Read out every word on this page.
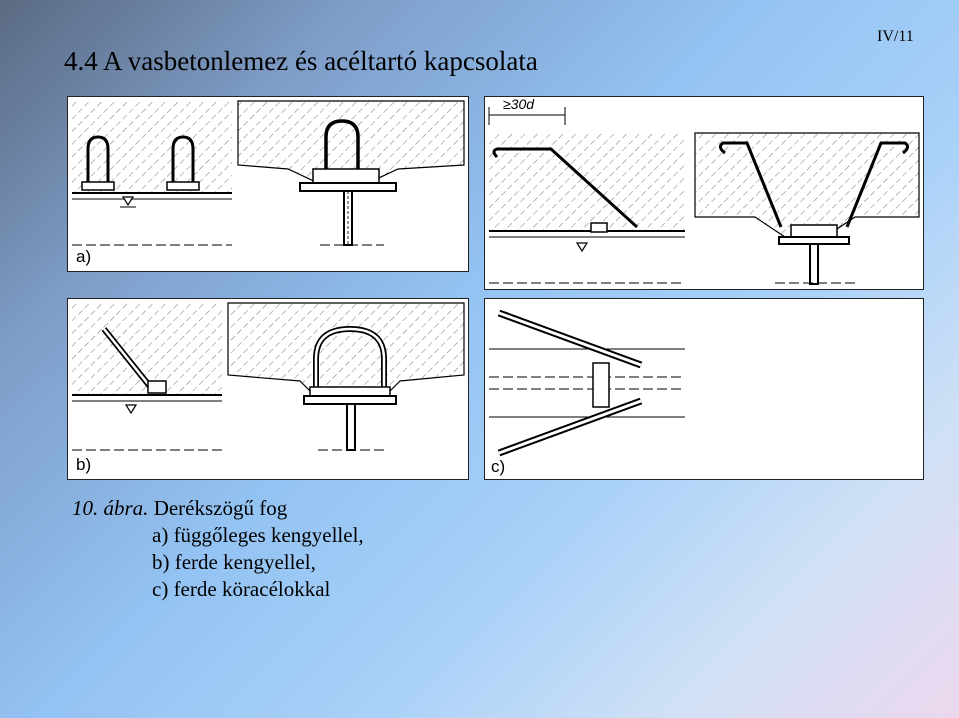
4.4 A vasbetonlemez és acéltartó kapcsolata
IV/11
a)
≥30d
b)	c)
10. ábra. Derékszögű fog
a) függőleges kengyellel,
b) ferde kengyellel,
c) ferde köracélokkal
